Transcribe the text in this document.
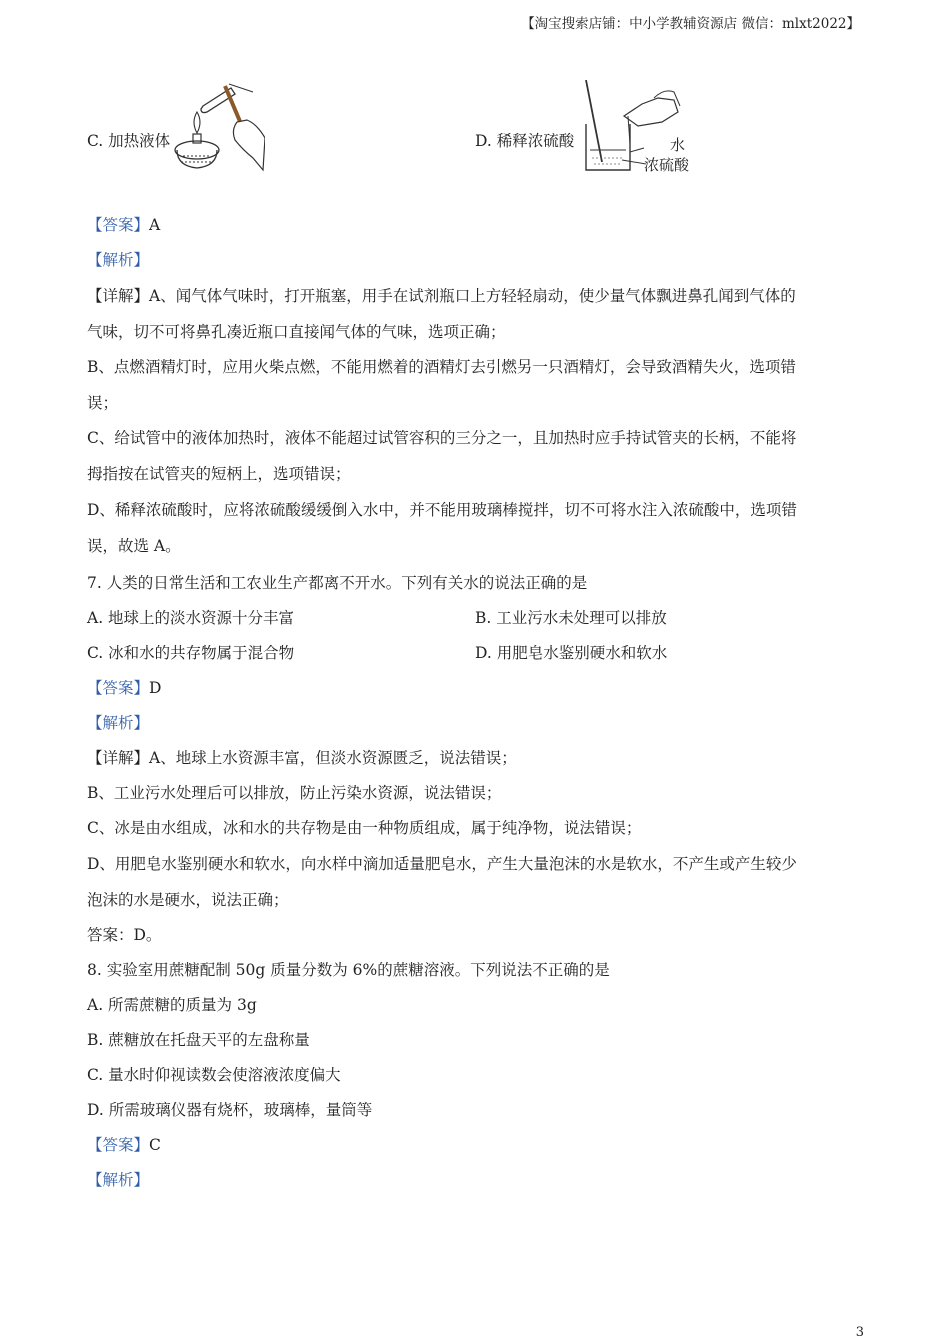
【淘宝搜索店铺：中小学教辅资源店 微信：mlxt2022】
C. 加热液体	D. 稀释浓硫酸	水
浓硫酸
【答案】A
【解析】
【详解】A、闻气体气味时，打开瓶塞，用手在试剂瓶口上方轻轻扇动，使少量气体飘进鼻孔闻到气体的
气味，切不可将鼻孔凑近瓶口直接闻气体的气味，选项正确；
B、点燃酒精灯时，应用火柴点燃，不能用燃着的酒精灯去引燃另一只酒精灯，会导致酒精失火，选项错
误；
C、给试管中的液体加热时，液体不能超过试管容积的三分之一，且加热时应手持试管夹的长柄，不能将
拇指按在试管夹的短柄上，选项错误；
D、稀释浓硫酸时，应将浓硫酸缓缓倒入水中，并不能用玻璃棒搅拌，切不可将水注入浓硫酸中，选项错
误，故选 A。
7. 人类的日常生活和工农业生产都离不开水。下列有关水的说法正确的是
A. 地球上的淡水资源十分丰富	B. 工业污水未处理可以排放
C. 冰和水的共存物属于混合物	D. 用肥皂水鉴别硬水和软水
【答案】D
【解析】
【详解】A、地球上水资源丰富，但淡水资源匮乏，说法错误；
B、工业污水处理后可以排放，防止污染水资源，说法错误；
C、冰是由水组成，冰和水的共存物是由一种物质组成，属于纯净物，说法错误；
D、用肥皂水鉴别硬水和软水，向水样中滴加适量肥皂水，产生大量泡沫的水是软水，不产生或产生较少
泡沫的水是硬水，说法正确；
答案：D。
8. 实验室用蔗糖配制 50g 质量分数为 6%的蔗糖溶液。下列说法不正确的是
A. 所需蔗糖的质量为 3g
B. 蔗糖放在托盘天平的左盘称量
C. 量水时仰视读数会使溶液浓度偏大
D. 所需玻璃仪器有烧杯，玻璃棒，量筒等
【答案】C
【解析】
3
